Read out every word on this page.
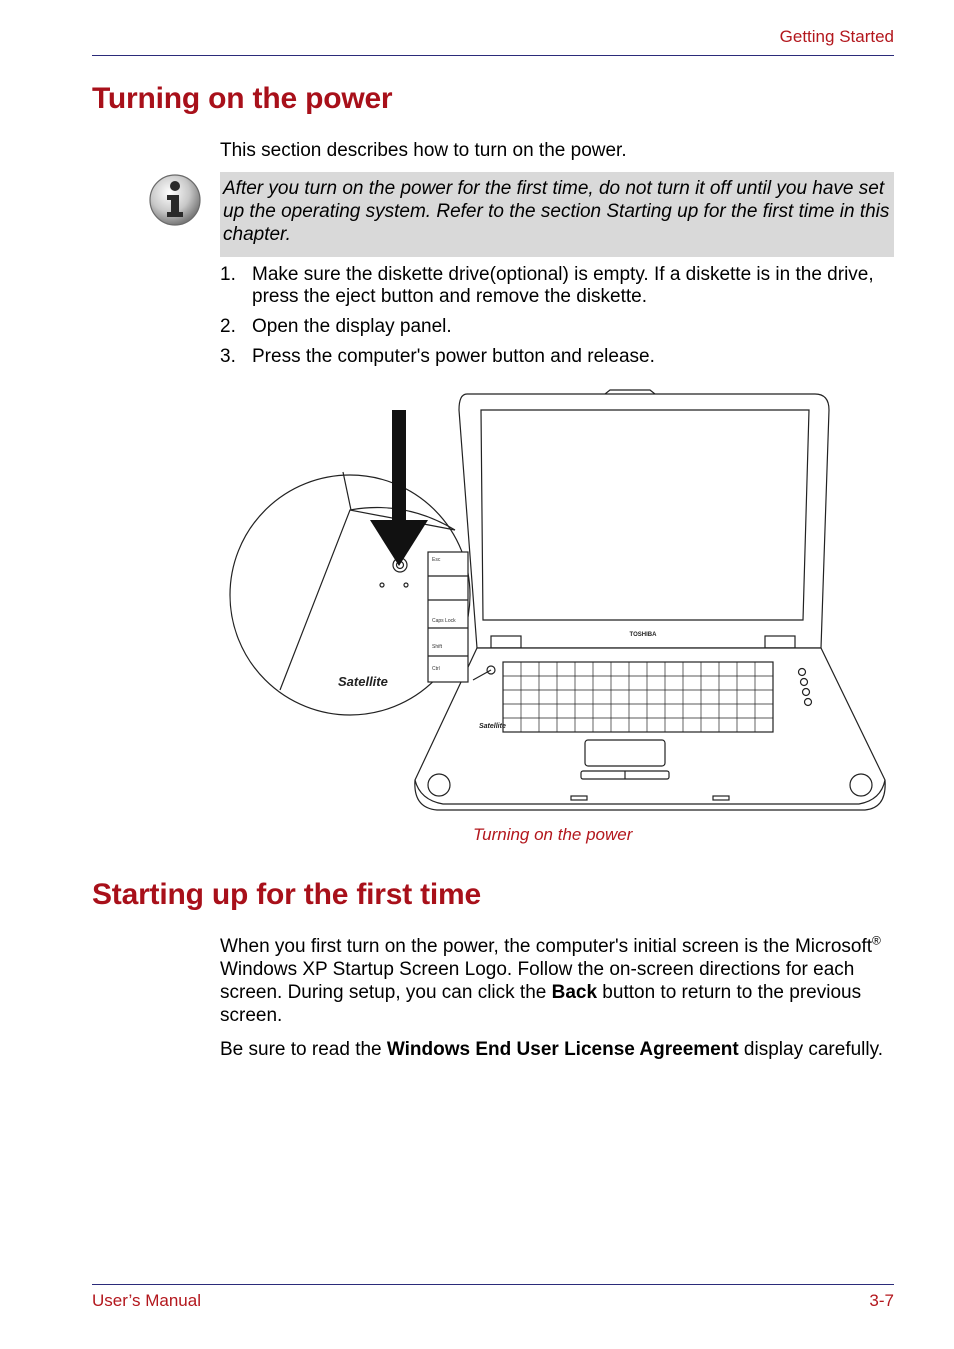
Getting Started
Turning on the power

This section describes how to turn on the power.

After you turn on the power for the first time, do not turn it off until you have set up the operating system. Refer to the section Starting up for the first time in this chapter.

1. Make sure the diskette drive(optional) is empty. If a diskette is in the drive, press the eject button and remove the diskette.
2. Open the display panel.
3. Press the computer's power button and release.
TOSHIBA
Satellite
Satellite
Esc
Caps Lock
Shift
Ctrl
Turning on the power
Starting up for the first time

When you first turn on the power, the computer's initial screen is the Microsoft® Windows XP Startup Screen Logo. Follow the on-screen directions for each screen. During setup, you can click the Back button to return to the previous screen.

Be sure to read the Windows End User License Agreement display carefully.

User’s Manual	3-7
